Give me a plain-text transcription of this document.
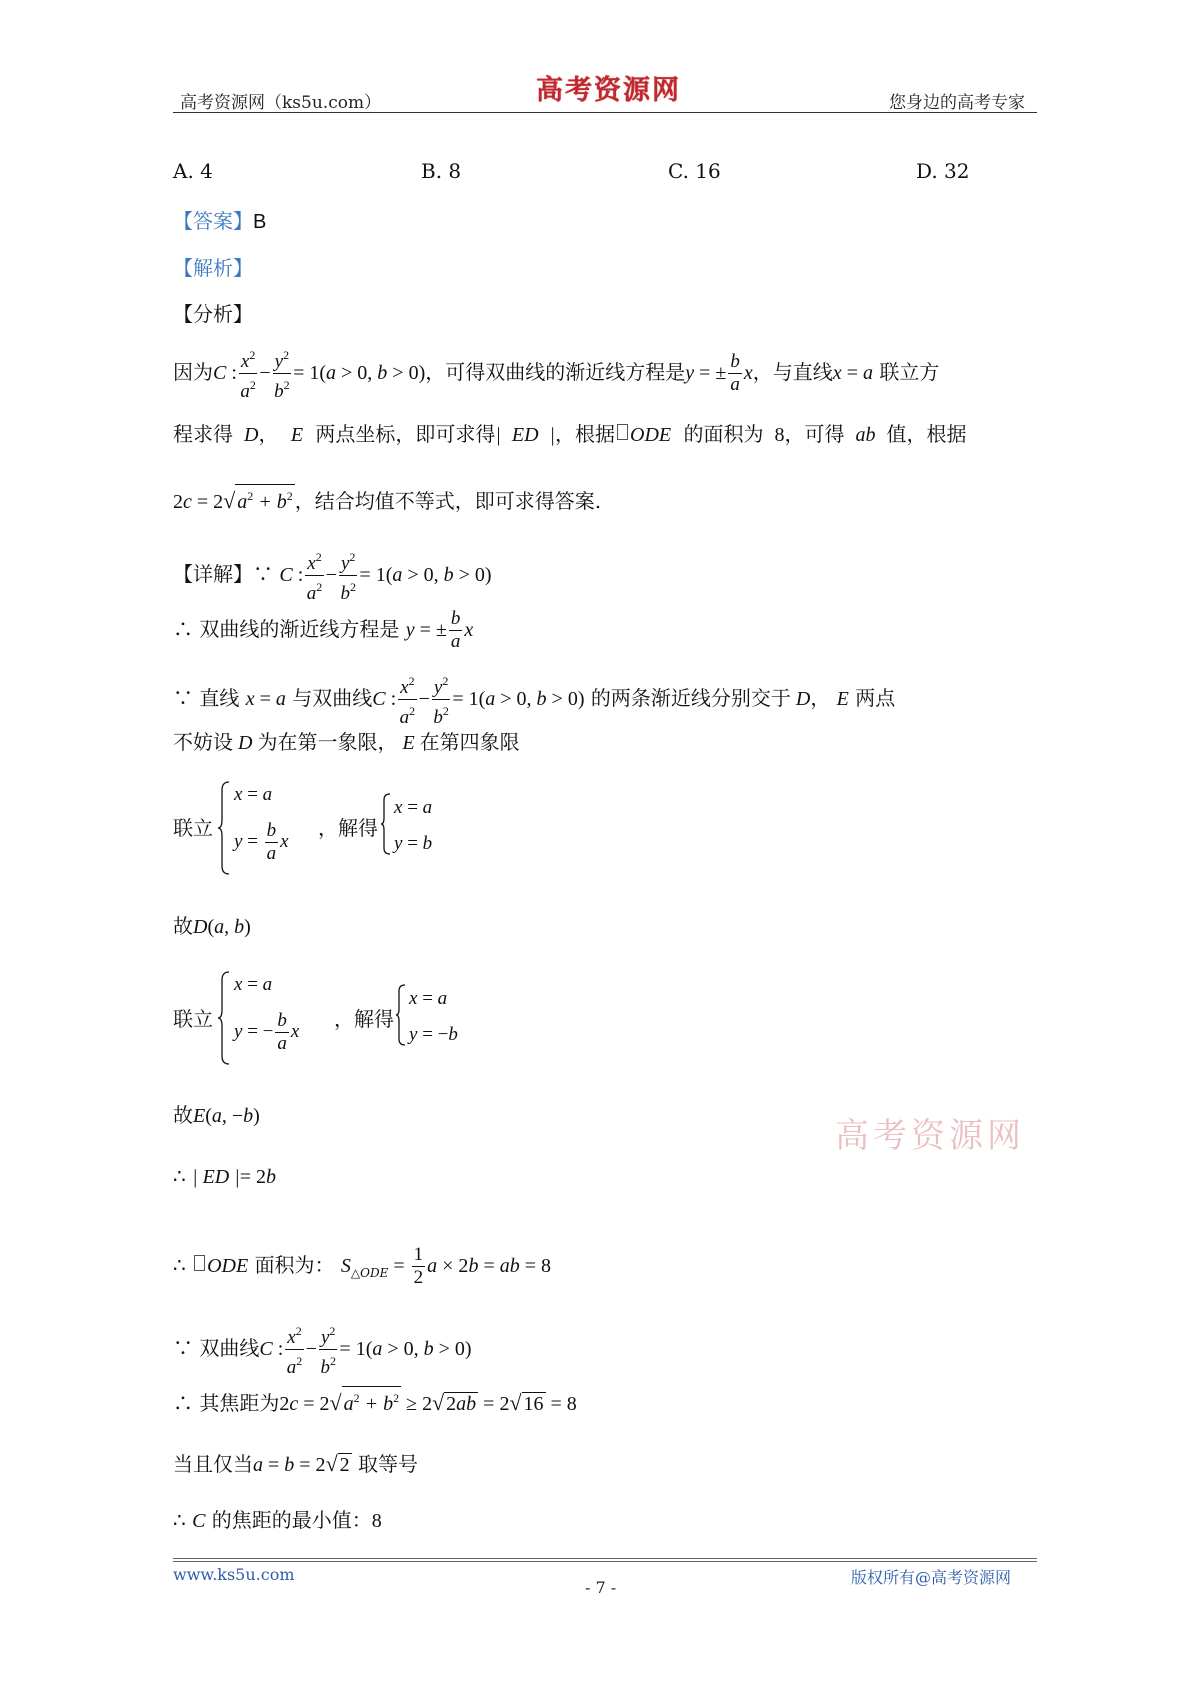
高考资源网（ks5u.com）	高考资源网	您身边的高考专家
A. 4	B. 8	C. 16	D. 32
【答案】B
【解析】
【分析】
因为C : $\frac{x^2}{a^2} - \frac{y^2}{b^2} = 1(a > 0$, b > 0)，可得双曲线的渐近线方程是y = ± $\frac{b}{a}$ x，与直线x = a 联立方
程求得 D， E 两点坐标，即可求得| ED |，根据 ODE 的面积为 8，可得 ab 值，根据
2c = 2√ $a^2 + b^2$ ，结合均值不等式，即可求得答案.
【详解】∵ C : $\frac{x^2}{a^2} - \frac{y^2}{b^2} = 1(a > 0$, b > 0)
∴ 双曲线的渐近线方程是 y = ± $\frac{b}{a}$ x
∵ 直线 x = a 与双曲线C : $\frac{x^2}{a^2} - \frac{y^2}{b^2} = 1(a > 0$, b > 0) 的两条渐近线分别交于 D， E 两点
不妨设 D 为在第一象限， E 在第四象限
联立
x = a
$y = \frac{b}{a}$ x
，解得
x = a
y = b
故D(a, b)
联立
x = a
y = − $\frac{b}{a}$ x
，解得
x = a
y = −b
故E(a, −b)	高考资源网
∴ | ED |= 2b
∴ ODE 面积为： $S_{\triangle ODE} = \frac{1}{2}$ a × 2b = ab = 8
∵ 双曲线C : $\frac{x^2}{a^2} - \frac{y^2}{b^2} = 1(a > 0$, b > 0)
∴ 其焦距为2c = 2√ $a^2 + b^2 \ge 2√$ 2ab = 2√ 16 = 8
当且仅当a = b = 2√ 2 取等号
∴ C 的焦距的最小值：8
www.ks5u.com
- 7 -
版权所有@高考资源网
